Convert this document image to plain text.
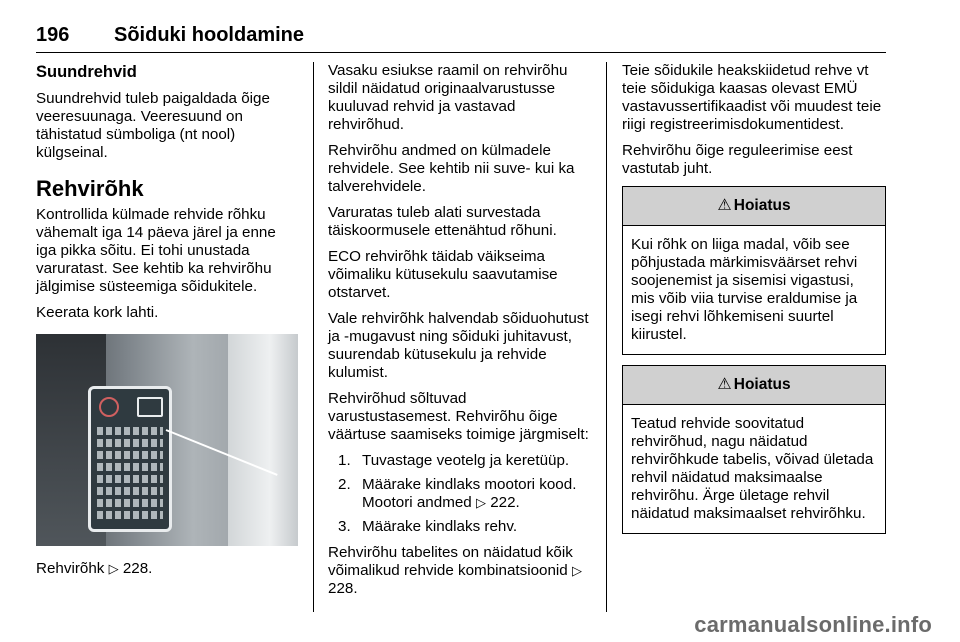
196 Sõiduki hooldamine
Suundrehvid

Suundrehvid tuleb paigaldada õige veeresuunaga. Veeresuund on tähistatud sümboliga (nt nool) külgseinal.

Rehvirõhk

Kontrollida külmade rehvide rõhku vähemalt iga 14 päeva järel ja enne iga pikka sõitu. Ei tohi unustada varuratast. See kehtib ka rehvirõhu jälgimise süsteemiga sõidukitele.

Keerata kork lahti.

Rehvirõhk ▷ 228.

Vasaku esiukse raamil on rehvirõhu sildil näidatud originaalvarustusse kuuluvad rehvid ja vastavad rehvirõhud.

Rehvirõhu andmed on külmadele rehvidele. See kehtib nii suve- kui ka talverehvidele.

Varuratas tuleb alati survestada täiskoormusele ettenähtud rõhuni.

ECO rehvirõhk täidab väikseima võimaliku kütusekulu saavutamise otstarvet.

Vale rehvirõhk halvendab sõiduohutust ja -mugavust ning sõiduki juhitavust, suurendab kütusekulu ja rehvide kulumist.

Rehvirõhud sõltuvad varustustasemest. Rehvirõhu õige väärtuse saamiseks toimige järgmiselt:

1. Tuvastage veotelg ja keretüüp.
2. Määrake kindlaks mootori kood. Mootori andmed ▷ 222.
3. Määrake kindlaks rehv.

Rehvirõhu tabelites on näidatud kõik võimalikud rehvide kombinatsioonid ▷ 228.

Teie sõidukile heakskiidetud rehve vt teie sõidukiga kaasas olevast EMÜ vastavussertifikaadist või muudest teie riigi registreerimisdokumentidest.

Rehvirõhu õige reguleerimise eest vastutab juht.

⚠ Hoiatus
Kui rõhk on liiga madal, võib see põhjustada märkimisväärset rehvi soojenemist ja sisemisi vigastusi, mis võib viia turvise eraldumise ja isegi rehvi lõhkemiseni suurtel kiirustel.
⚠ Hoiatus
Teatud rehvide soovitatud rehvirõhud, nagu näidatud rehvirõhkude tabelis, võivad ületada rehvil näidatud maksimaalse rehvirõhu. Ärge ületage rehvil näidatud maksimaalset rehvirõhku.
carmanualsonline.info
